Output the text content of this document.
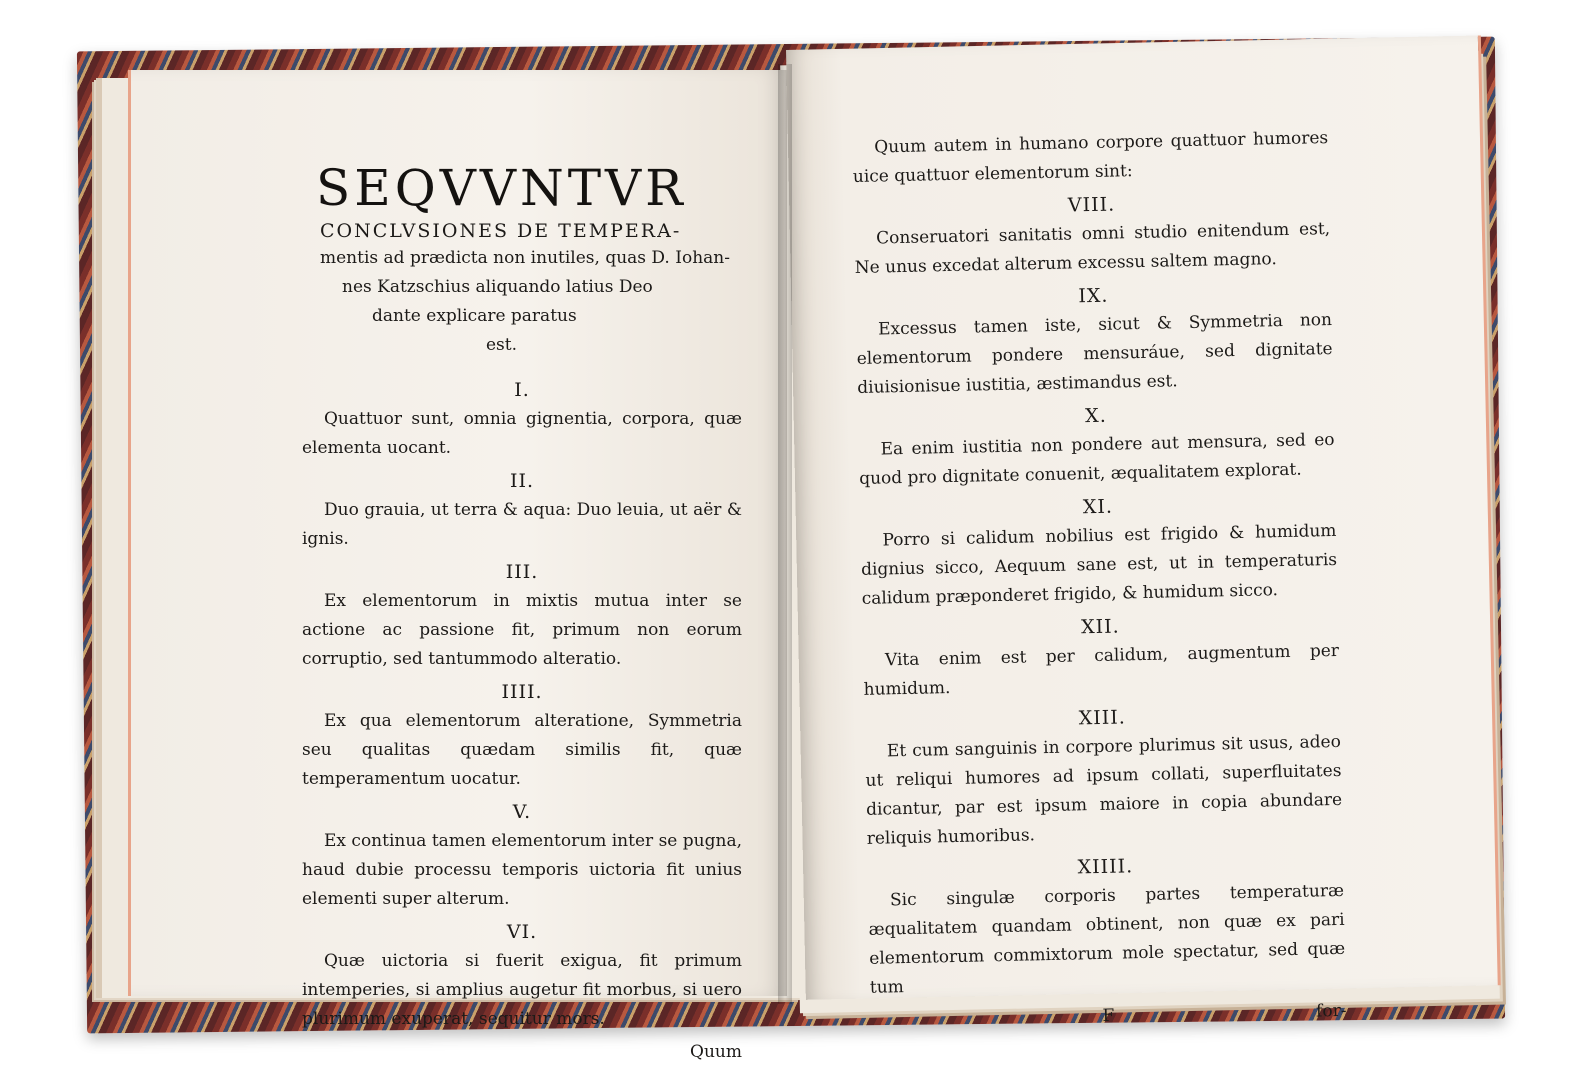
SEQVVNTVR
CONCLVSIONES DE TEMPERA-

mentis ad prædicta non inutiles, quas D. Iohan-

nes Katzschius aliquando latius Deo

dante explicare paratus

est.

I.

Quattuor sunt, omnia gignentia, corpora, quæ elementa uocant.

II.

Duo grauia, ut terra & aqua: Duo leuia, ut aër & ignis.

III.

Ex elementorum in mixtis mutua inter se actione ac passione fit, primum non eorum corruptio, sed tantummodo alteratio.

IIII.

Ex qua elementorum alteratione, Symmetria seu qualitas quædam similis fit, quæ temperamentum uocatur.

V.

Ex continua tamen elementorum inter se pugna, haud dubie processu temporis uictoria fit unius elementi super alterum.

VI.

Quæ uictoria si fuerit exigua, fit primum intemperies, si amplius augetur fit morbus, si uero plurimum exuperat, sequitur mors.

Quum

Quum autem in humano corpore quattuor humores uice quattuor elementorum sint:

VIII.

Conseruatori sanitatis omni studio enitendum est, Ne unus excedat alterum excessu saltem magno.

IX.

Excessus tamen iste, sicut & Symmetria non elementorum pondere mensuráue, sed dignitate diuisionisue iustitia, æstimandus est.

X.

Ea enim iustitia non pondere aut mensura, sed eo quod pro dignitate conuenit, æqualitatem explorat.

XI.

Porro si calidum nobilius est frigido & humidum dignius sicco, Aequum sane est, ut in temperaturis calidum præponderet frigido, & humidum sicco.

XII.

Vita enim est per calidum, augmentum per humidum.

XIII.

Et cum sanguinis in corpore plurimus sit usus, adeo ut reliqui humores ad ipsum collati, superfluitates dicantur, par est ipsum maiore in copia abundare reliquis humoribus.

XIIII.

Sic singulæ corporis partes temperaturæ æqualitatem quandam obtinent, non quæ ex pari elementorum commixtorum mole spectatur, sed quæ tum

F	for-
